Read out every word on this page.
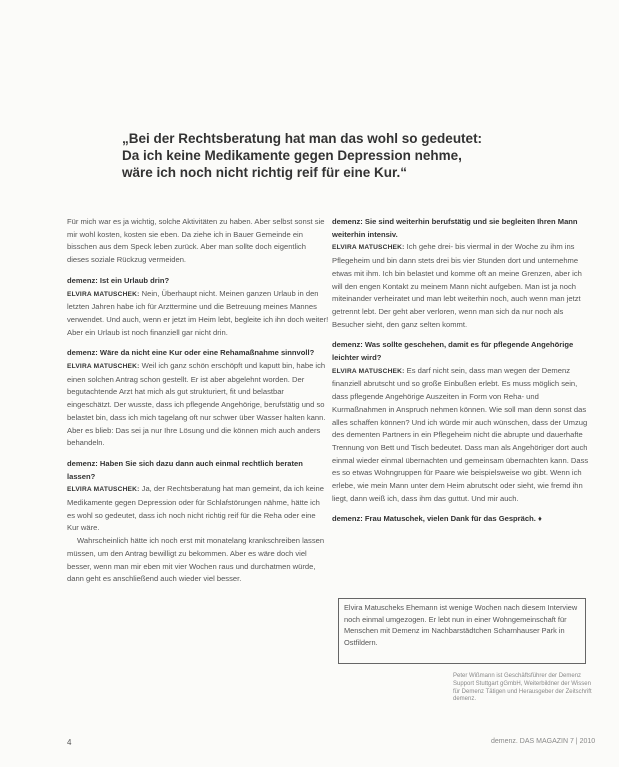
„Bei der Rechtsberatung hat man das wohl so gedeutet:
Da ich keine Medikamente gegen Depression nehme,
wäre ich noch nicht richtig reif für eine Kur.“

Für mich war es ja wichtig, solche Aktivitäten zu haben. Aber selbst sonst sie mir wohl kosten, kosten sie eben. Da ziehe ich in Bauer Gemeinde ein bisschen aus dem Speck leben zurück. Aber man sollte doch eigentlich dieses soziale Rückzug vermeiden.

demenz: Ist ein Urlaub drin?

ELVIRA MATUSCHEK: Nein, Überhaupt nicht. Meinen ganzen Urlaub in den letzten Jahren habe ich für Arzttermine und die Betreuung meines Mannes verwendet. Und auch, wenn er jetzt im Heim lebt, begleite ich ihn doch weiter! Aber ein Urlaub ist noch finanziell gar nicht drin.

demenz: Wäre da nicht eine Kur oder eine Rehamaßnahme sinnvoll?

ELVIRA MATUSCHEK: Weil ich ganz schön erschöpft und kaputt bin, habe ich einen solchen Antrag schon gestellt. Er ist aber abgelehnt worden. Der begutachtende Arzt hat mich als gut strukturiert, fit und belastbar eingeschätzt. Der wusste, dass ich pflegende Angehörige, berufstätig und so belastet bin, dass ich mich tagelang oft nur schwer über Wasser halten kann. Aber es blieb: Das sei ja nur Ihre Lösung und die können mich auch anders behandeln.

demenz: Haben Sie sich dazu dann auch einmal rechtlich beraten lassen?

ELVIRA MATUSCHEK: Ja, der Rechtsberatung hat man gemeint, da ich keine Medikamente gegen Depression oder für Schlafstörungen nähme, hätte ich es wohl so gedeutet, dass ich noch nicht richtig reif für die Reha oder eine Kur wäre.

Wahrscheinlich hätte ich noch erst mit monatelang krankschreiben lassen müssen, um den Antrag bewilligt zu bekommen. Aber es wäre doch viel besser, wenn man mir eben mit vier Wochen raus und durchatmen würde, dann geht es anschließend auch wieder viel besser.

demenz: Sie sind weiterhin berufstätig und sie begleiten Ihren Mann weiterhin intensiv.

ELVIRA MATUSCHEK: Ich gehe drei- bis viermal in der Woche zu ihm ins Pflegeheim und bin dann stets drei bis vier Stunden dort und unternehme etwas mit ihm. Ich bin belastet und komme oft an meine Grenzen, aber ich will den engen Kontakt zu meinem Mann nicht aufgeben. Man ist ja noch miteinander verheiratet und man lebt weiterhin noch, auch wenn man jetzt getrennt lebt. Der geht aber verloren, wenn man sich da nur noch als Besucher sieht, den ganz selten kommt.

demenz: Was sollte geschehen, damit es für pflegende Angehörige leichter wird?

ELVIRA MATUSCHEK: Es darf nicht sein, dass man wegen der Demenz finanziell abrutscht und so große Einbußen erlebt. Es muss möglich sein, dass pflegende Angehörige Auszeiten in Form von Reha- und Kurmaßnahmen in Anspruch nehmen können. Wie soll man denn sonst das alles schaffen können? Und ich würde mir auch wünschen, dass der Umzug des dementen Partners in ein Pflegeheim nicht die abrupte und dauerhafte Trennung von Bett und Tisch bedeutet. Dass man als Angehöriger dort auch einmal wieder einmal übernachten und gemeinsam übernachten kann. Dass es so etwas Wohngruppen für Paare wie beispielsweise wo gibt. Wenn ich erlebe, wie mein Mann unter dem Heim abrutscht oder sieht, wie fremd ihn liegt, dann weiß ich, dass ihm das guttut. Und mir auch.

demenz: Frau Matuschek, vielen Dank für das Gespräch. ♦

Elvira Matuscheks Ehemann ist wenige Wochen nach diesem Interview noch einmal umgezogen. Er lebt nun in einer Wohngemeinschaft für Menschen mit Demenz im Nachbarstädtchen Scharnhauser Park in Ostfildern.
Peter Wißmann ist Geschäftsführer der Demenz Support Stuttgart gGmbH, Weiterbildner der Wissen für Demenz Tätigen und Herausgeber der Zeitschrift demenz.
4	demenz. DAS MAGAZIN 7 | 2010
